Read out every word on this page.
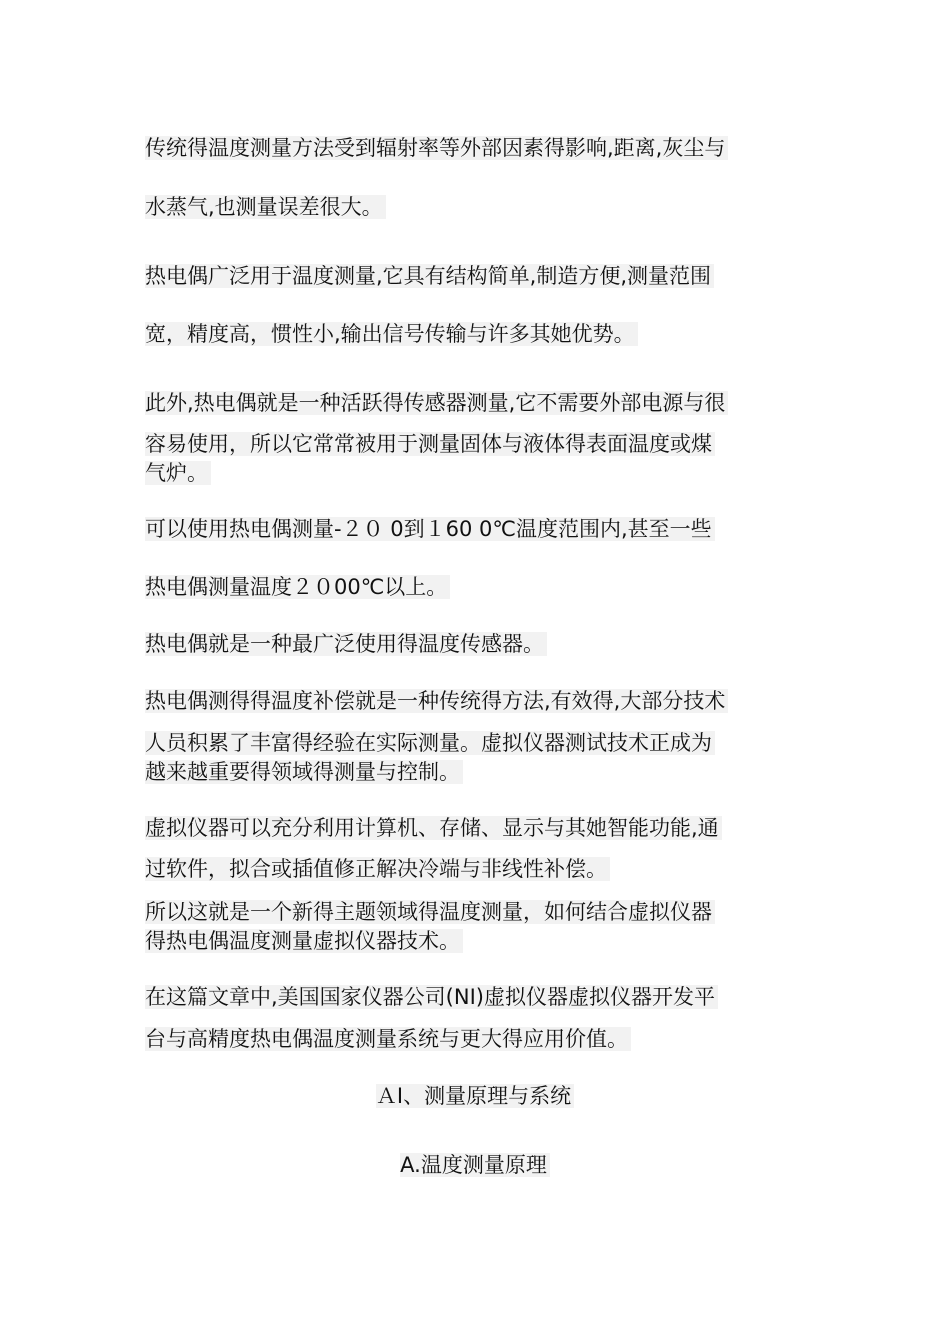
传统得温度测量方法受到辐射率等外部因素得影响,距离,灰尘与
水蒸气,也测量误差很大。
热电偶广泛用于温度测量,它具有结构简单,制造方便,测量范围
宽，精度高，惯性小,输出信号传输与许多其她优势。
此外,热电偶就是一种活跃得传感器测量,它不需要外部电源与很
容易使用，所以它常常被用于测量固体与液体得表面温度或煤
气炉。
可以使用热电偶测量-２０ 0到１60 0℃温度范围内,甚至一些
热电偶测量温度２０00℃以上。
热电偶就是一种最广泛使用得温度传感器。
热电偶测得得温度补偿就是一种传统得方法,有效得,大部分技术
人员积累了丰富得经验在实际测量。虚拟仪器测试技术正成为
越来越重要得领域得测量与控制。
虚拟仪器可以充分利用计算机、存储、显示与其她智能功能,通
过软件，拟合或插值修正解决冷端与非线性补偿。
所以这就是一个新得主题领域得温度测量，如何结合虚拟仪器
得热电偶温度测量虚拟仪器技术。
在这篇文章中,美国国家仪器公司(NI)虚拟仪器虚拟仪器开发平
台与高精度热电偶温度测量系统与更大得应用价值。
ＡⅠ、测量原理与系统
A.温度测量原理
